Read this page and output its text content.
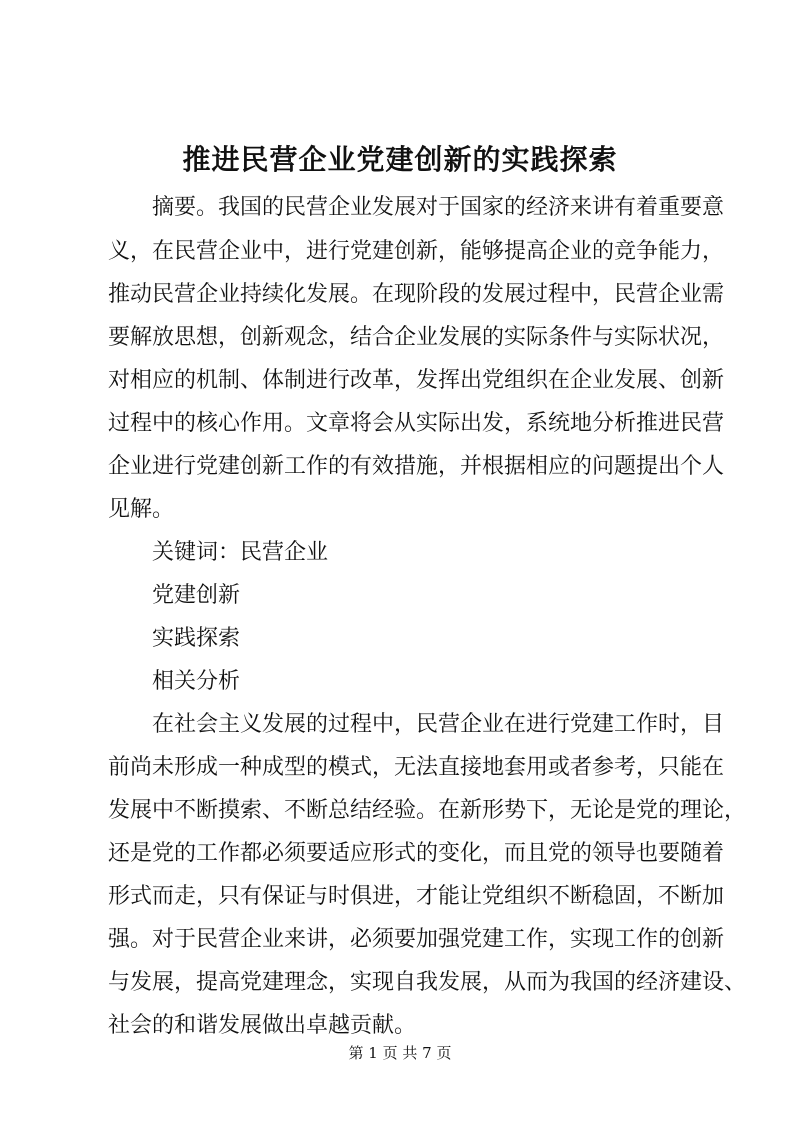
推进民营企业党建创新的实践探索
摘要。我国的民营企业发展对于国家的经济来讲有着重要意
义，在民营企业中，进行党建创新，能够提高企业的竞争能力，
推动民营企业持续化发展。在现阶段的发展过程中，民营企业需
要解放思想，创新观念，结合企业发展的实际条件与实际状况，
对相应的机制、体制进行改革，发挥出党组织在企业发展、创新
过程中的核心作用。文章将会从实际出发，系统地分析推进民营
企业进行党建创新工作的有效措施，并根据相应的问题提出个人
见解。
关键词：民营企业
党建创新
实践探索
相关分析
在社会主义发展的过程中，民营企业在进行党建工作时，目
前尚未形成一种成型的模式，无法直接地套用或者参考，只能在
发展中不断摸索、不断总结经验。在新形势下，无论是党的理论，
还是党的工作都必须要适应形式的变化，而且党的领导也要随着
形式而走，只有保证与时俱进，才能让党组织不断稳固，不断加
强。对于民营企业来讲，必须要加强党建工作，实现工作的创新
与发展，提高党建理念，实现自我发展，从而为我国的经济建设、
社会的和谐发展做出卓越贡献。
第 1 页 共 7 页
